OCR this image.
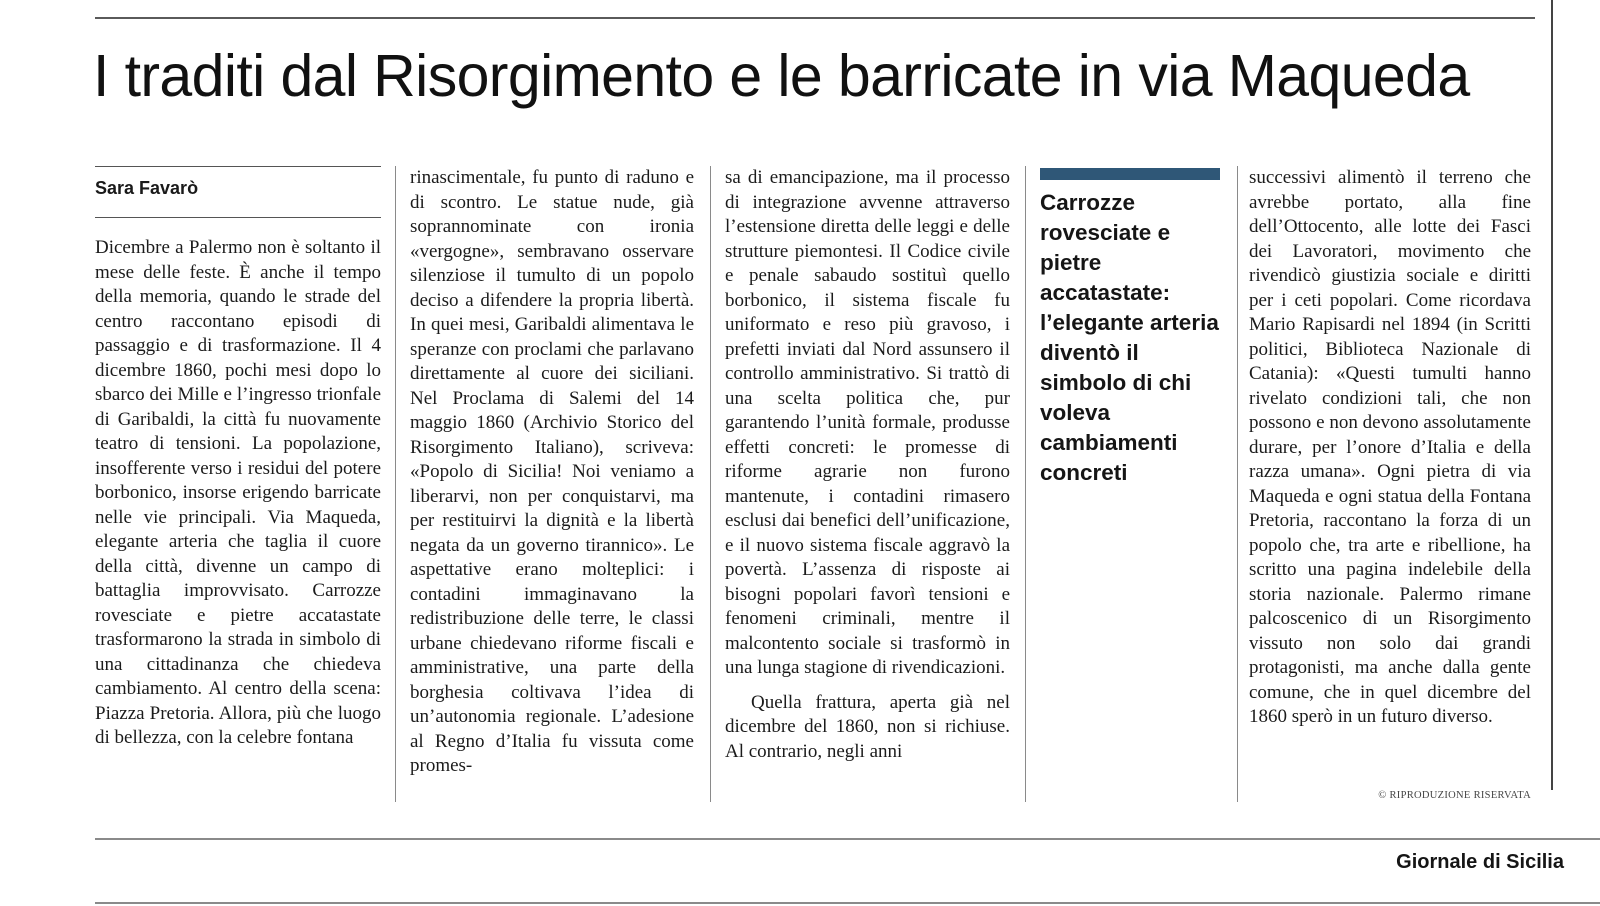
I traditi dal Risorgimento e le barricate in via Maqueda

Sara Favarò

Dicembre a Palermo non è soltanto il mese delle feste. È anche il tempo della memoria, quando le strade del centro raccontano episodi di passaggio e di trasformazione. Il 4 dicembre 1860, pochi mesi dopo lo sbarco dei Mille e l’ingresso trionfale di Garibaldi, la città fu nuovamente teatro di tensioni. La popolazione, insofferente verso i residui del potere borbonico, insorse erigendo barricate nelle vie principali. Via Maqueda, elegante arteria che taglia il cuore della città, divenne un campo di battaglia improvvisato. Carrozze rovesciate e pietre accatastate trasformarono la strada in simbolo di una cittadinanza che chiedeva cambiamento. Al centro della scena: Piazza Pretoria. Allora, più che luogo di bellezza, con la celebre fontana

rinascimentale, fu punto di raduno e di scontro. Le statue nude, già soprannominate con ironia «vergogne», sembravano osservare silenziose il tumulto di un popolo deciso a difendere la propria libertà. In quei mesi, Garibaldi alimentava le speranze con proclami che parlavano direttamente al cuore dei siciliani. Nel Proclama di Salemi del 14 maggio 1860 (Archivio Storico del Risorgimento Italiano), scriveva: «Popolo di Sicilia! Noi veniamo a liberarvi, non per conquistarvi, ma per restituirvi la dignità e la libertà negata da un governo tirannico». Le aspettative erano molteplici: i contadini immaginavano la redistribuzione delle terre, le classi urbane chiedevano riforme fiscali e amministrative, una parte della borghesia coltivava l’idea di un’autonomia regionale. L’adesione al Regno d’Italia fu vissuta come promes-

sa di emancipazione, ma il processo di integrazione avvenne attraverso l’estensione diretta delle leggi e delle strutture piemontesi. Il Codice civile e penale sabaudo sostituì quello borbonico, il sistema fiscale fu uniformato e reso più gravoso, i prefetti inviati dal Nord assunsero il controllo amministrativo. Si trattò di una scelta politica che, pur garantendo l’unità formale, produsse effetti concreti: le promesse di riforme agrarie non furono mantenute, i contadini rimasero esclusi dai benefici dell’unificazione, e il nuovo sistema fiscale aggravò la povertà. L’assenza di risposte ai bisogni popolari favorì tensioni e fenomeni criminali, mentre il malcontento sociale si trasformò in una lunga stagione di rivendicazioni.

Quella frattura, aperta già nel dicembre del 1860, non si richiuse. Al contrario, negli anni

Carrozze rovesciate e pietre accatastate: l’elegante arteria diventò il simbolo di chi voleva cambiamenti concreti

successivi alimentò il terreno che avrebbe portato, alla fine dell’Ottocento, alle lotte dei Fasci dei Lavoratori, movimento che rivendicò giustizia sociale e diritti per i ceti popolari. Come ricordava Mario Rapisardi nel 1894 (in Scritti politici, Biblioteca Nazionale di Catania): «Questi tumulti hanno rivelato condizioni tali, che non possono e non devono assolutamente durare, per l’onore d’Italia e della razza umana». Ogni pietra di via Maqueda e ogni statua della Fontana Pretoria, raccontano la forza di un popolo che, tra arte e ribellione, ha scritto una pagina indelebile della storia nazionale. Palermo rimane palcoscenico di un Risorgimento vissuto non solo dai grandi protagonisti, ma anche dalla gente comune, che in quel dicembre del 1860 sperò in un futuro diverso.

© RIPRODUZIONE RISERVATA
Giornale di Sicilia
